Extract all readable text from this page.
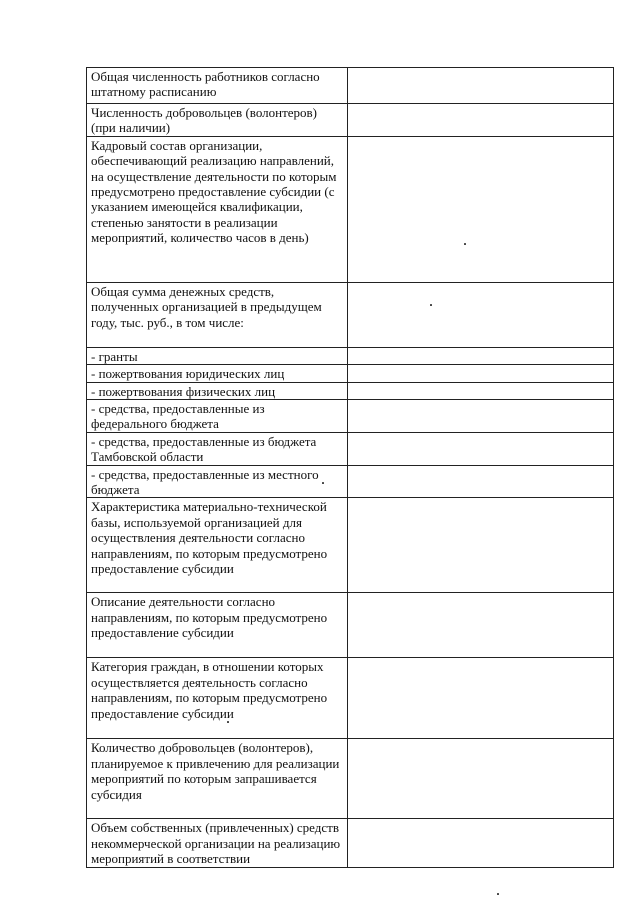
Общая численность работников согласно штатному расписанию	
Численность добровольцев (волонтеров) (при наличии)	
Кадровый состав организации, обеспечивающий реализацию направлений, на осуществление деятельности по которым предусмотрено предоставление субсидии (с указанием имеющейся квалификации, степенью занятости в реализации мероприятий, количество часов в день)	
Общая сумма денежных средств, полученных организацией в предыдущем году, тыс. руб., в том числе:	
- гранты	
- пожертвования юридических лиц	
- пожертвования физических лиц	
- средства, предоставленные из федерального бюджета	
- средства, предоставленные из бюджета Тамбовской области	
- средства, предоставленные из местного бюджета	
Характеристика материально-технической базы, используемой организацией для осуществления деятельности согласно направлениям, по которым предусмотрено предоставление субсидии	
Описание деятельности согласно направлениям, по которым предусмотрено предоставление субсидии	
Категория граждан, в отношении которых осуществляется деятельность согласно направлениям, по которым предусмотрено предоставление субсидии	
Количество добровольцев (волонтеров), планируемое к привлечению для реализации мероприятий по которым запрашивается субсидия	
Объем собственных (привлеченных) средств некоммерческой организации на реализацию мероприятий в соответствии	
